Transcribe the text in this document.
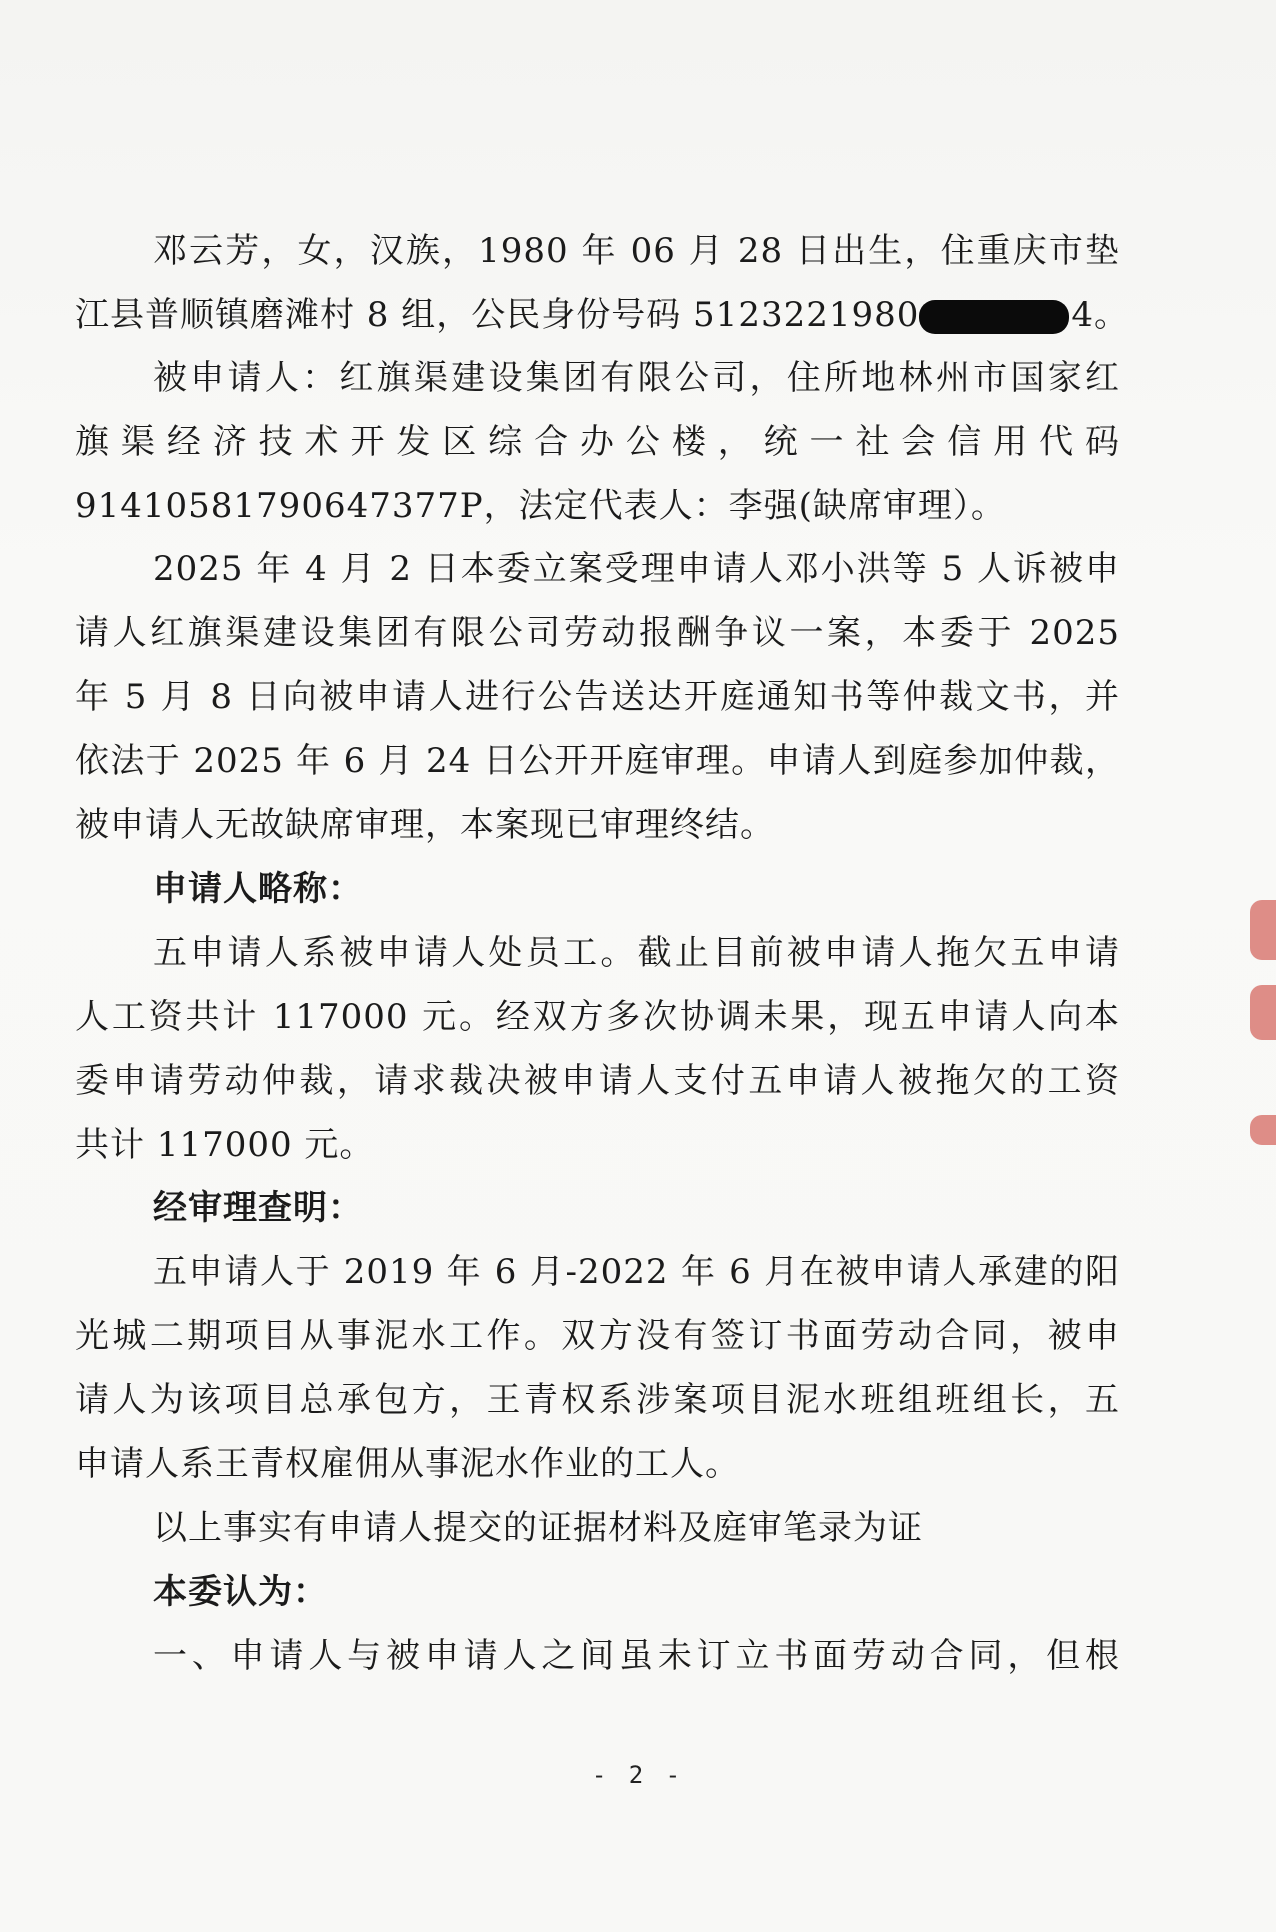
邓云芳，女，汉族，1980 年 06 月 28 日出生，住重庆市垫
江县普顺镇磨滩村 8 组，公民身份号码 5123221980	4。
被申请人：红旗渠建设集团有限公司，住所地林州市国家红
旗渠经济技术开发区综合办公楼，统一社会信用代码
91410581790647377P，法定代表人：李强(缺席审理）。
2025 年 4 月 2 日本委立案受理申请人邓小洪等 5 人诉被申
请人红旗渠建设集团有限公司劳动报酬争议一案，本委于 2025
年 5 月 8 日向被申请人进行公告送达开庭通知书等仲裁文书，并
依法于 2025 年 6 月 24 日公开开庭审理。申请人到庭参加仲裁，
被申请人无故缺席审理，本案现已审理终结。
申请人略称：
五申请人系被申请人处员工。截止目前被申请人拖欠五申请
人工资共计 117000 元。经双方多次协调未果，现五申请人向本
委申请劳动仲裁，请求裁决被申请人支付五申请人被拖欠的工资
共计 117000 元。
经审理查明：
五申请人于 2019 年 6 月-2022 年 6 月在被申请人承建的阳
光城二期项目从事泥水工作。双方没有签订书面劳动合同，被申
请人为该项目总承包方，王青权系涉案项目泥水班组班组长，五
申请人系王青权雇佣从事泥水作业的工人。
以上事实有申请人提交的证据材料及庭审笔录为证
本委认为：
一、申请人与被申请人之间虽未订立书面劳动合同，但根
- 2 -
